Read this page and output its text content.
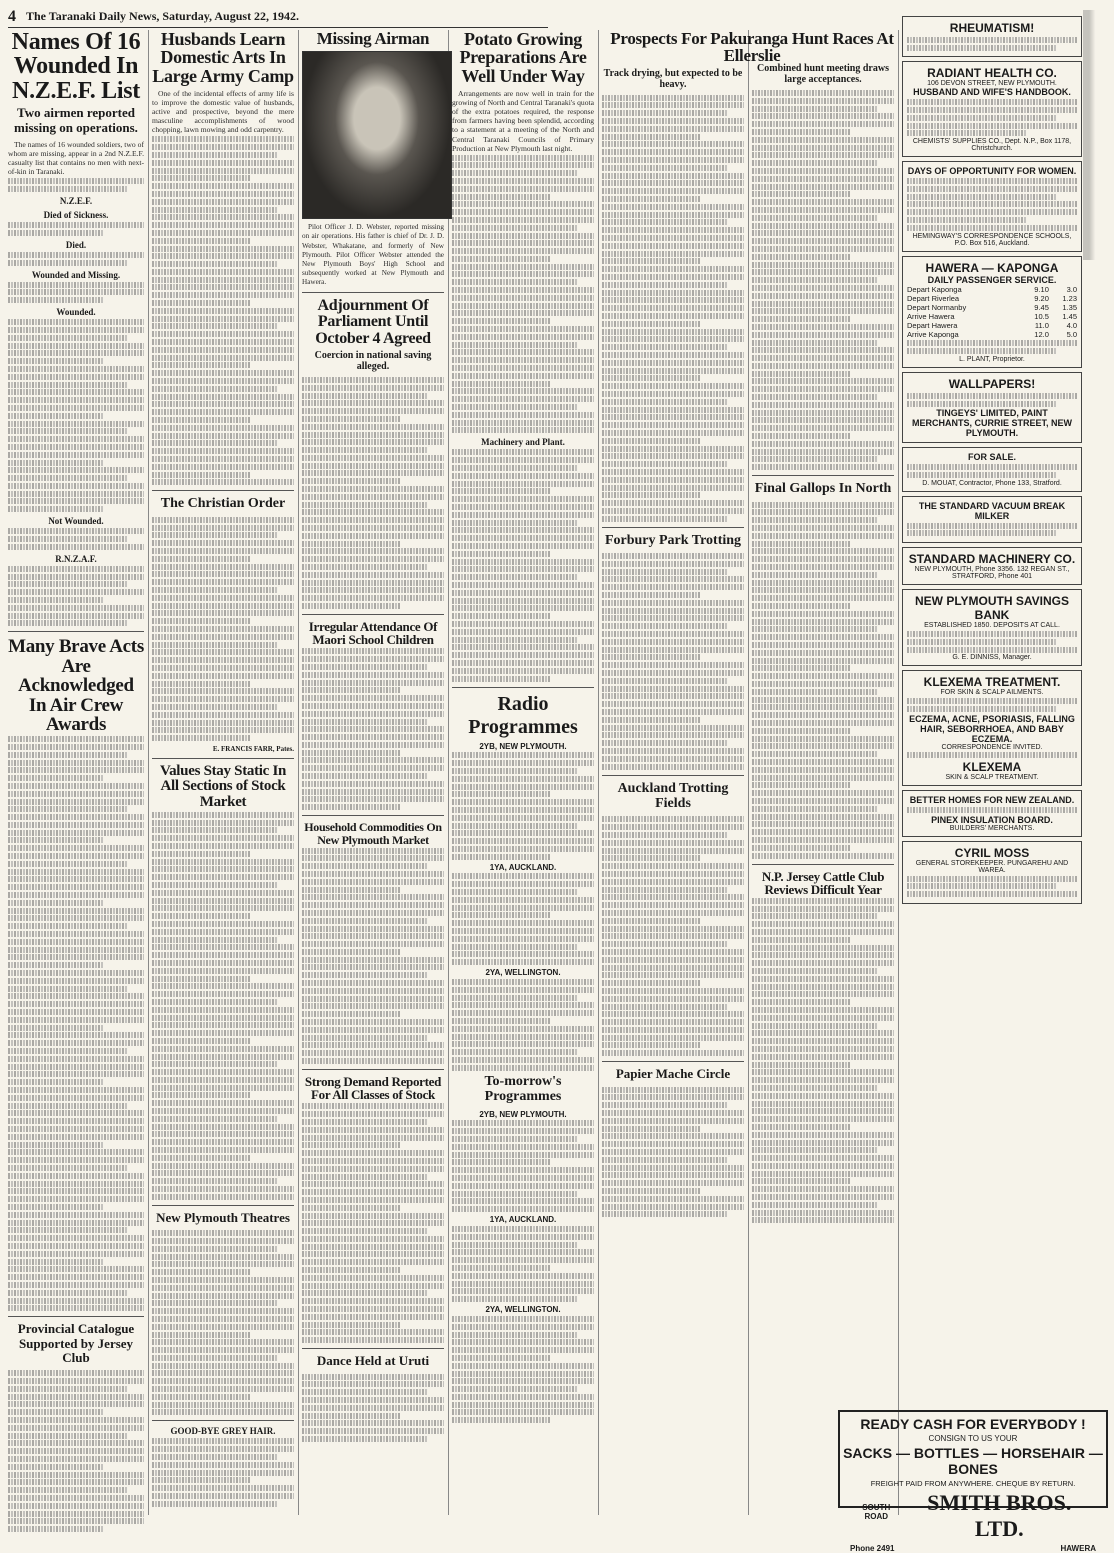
4 The Taranaki Daily News, Saturday, August 22, 1942.
Names Of 16 Wounded In N.Z.E.F. List
Two airmen reported missing on operations.

The names of 16 wounded soldiers, two of whom are missing, appear in a 2nd N.Z.E.F. casualty list that contains no men with next-of-kin in Taranaki.

N.Z.E.F.
Died of Sickness.
Died.
Wounded and Missing.
Wounded.
Not Wounded.
R.N.Z.A.F.
Many Brave Acts Are Acknowledged In Air Crew Awards
Provincial Catalogue Supported by Jersey Club
Husbands Learn Domestic Arts In Large Army Camp

One of the incidental effects of army life is to improve the domestic value of husbands, active and prospective, beyond the mere masculine accomplishments of wood chopping, lawn mowing and odd carpentry.

The Christian Order
E. FRANCIS FARR, Pates.
Values Stay Static In All Sections of Stock Market
New Plymouth Theatres
GOOD-BYE GREY HAIR.
Missing Airman

Pilot Officer J. D. Webster, reported missing on air operations. His father is chief of Dr. J. D. Webster, Whakatane, and formerly of New Plymouth. Pilot Officer Webster attended the New Plymouth Boys' High School and subsequently worked at New Plymouth and Hawera.

Adjournment Of Parliament Until October 4 Agreed
Coercion in national saving alleged.
Irregular Attendance Of Maori School Children
Household Commodities On New Plymouth Market
Strong Demand Reported For All Classes of Stock
Dance Held at Uruti
Potato Growing Preparations Are Well Under Way

Arrangements are now well in train for the growing of North and Central Taranaki's quota of the extra potatoes required, the response from farmers having been splendid, according to a statement at a meeting of the North and Central Taranaki Councils of Primary Production at New Plymouth last night.

Machinery and Plant.
Radio Programmes
2YB, NEW PLYMOUTH.
1YA, AUCKLAND.
2YA, WELLINGTON.
To-morrow's Programmes
2YB, NEW PLYMOUTH.
1YA, AUCKLAND.
2YA, WELLINGTON.
Prospects For Pakuranga Hunt Races At Ellerslie
Track drying, but expected to be heavy.
Forbury Park Trotting
Auckland Trotting Fields
Papier Mache Circle
Combined hunt meeting draws large acceptances.
Final Gallops In North
N.P. Jersey Cattle Club Reviews Difficult Year
RHEUMATISM!
RADIANT HEALTH CO.
106 DEVON STREET, NEW PLYMOUTH.
HUSBAND AND WIFE'S HANDBOOK.
CHEMISTS' SUPPLIES CO., Dept. N.P., Box 1178, Christchurch.
DAYS OF OPPORTUNITY FOR WOMEN.
HEMINGWAY'S CORRESPONDENCE SCHOOLS, P.O. Box 516, Auckland.
HAWERA — KAPONGA
DAILY PASSENGER SERVICE.
Depart Kaponga	9.10	3.0
Depart Riverlea	9.20	1.23
Depart Normanby	9.45	1.35
Arrive Hawera	10.5	1.45
Depart Hawera	11.0	4.0
Arrive Kaponga	12.0	5.0
L. PLANT, Proprietor.
WALLPAPERS!
TINGEYS' LIMITED, PAINT MERCHANTS, CURRIE STREET, NEW PLYMOUTH.
FOR SALE.
D. MOUAT, Contractor, Phone 133, Stratford.
THE STANDARD VACUUM BREAK MILKER
STANDARD MACHINERY CO.
NEW PLYMOUTH, Phone 3356. 132 REGAN ST., STRATFORD, Phone 401
NEW PLYMOUTH SAVINGS BANK
ESTABLISHED 1850. DEPOSITS AT CALL.
G. E. DINNISS, Manager.
KLEXEMA TREATMENT.
FOR SKIN & SCALP AILMENTS.
ECZEMA, ACNE, PSORIASIS, FALLING HAIR, SEBORRHOEA, AND BABY ECZEMA.
CORRESPONDENCE INVITED.
KLEXEMA
SKIN & SCALP TREATMENT.
BETTER HOMES FOR NEW ZEALAND.
PINEX INSULATION BOARD.
BUILDERS' MERCHANTS.
CYRIL MOSS
GENERAL STOREKEEPER. PUNGAREHU AND WAREA.
READY CASH FOR EVERYBODY !
CONSIGN TO US YOUR
SACKS — BOTTLES — HORSEHAIR — BONES
FREIGHT PAID FROM ANYWHERE. CHEQUE BY RETURN.
SOUTH ROAD
SMITH BROS. LTD.
Phone 2491	HAWERA
